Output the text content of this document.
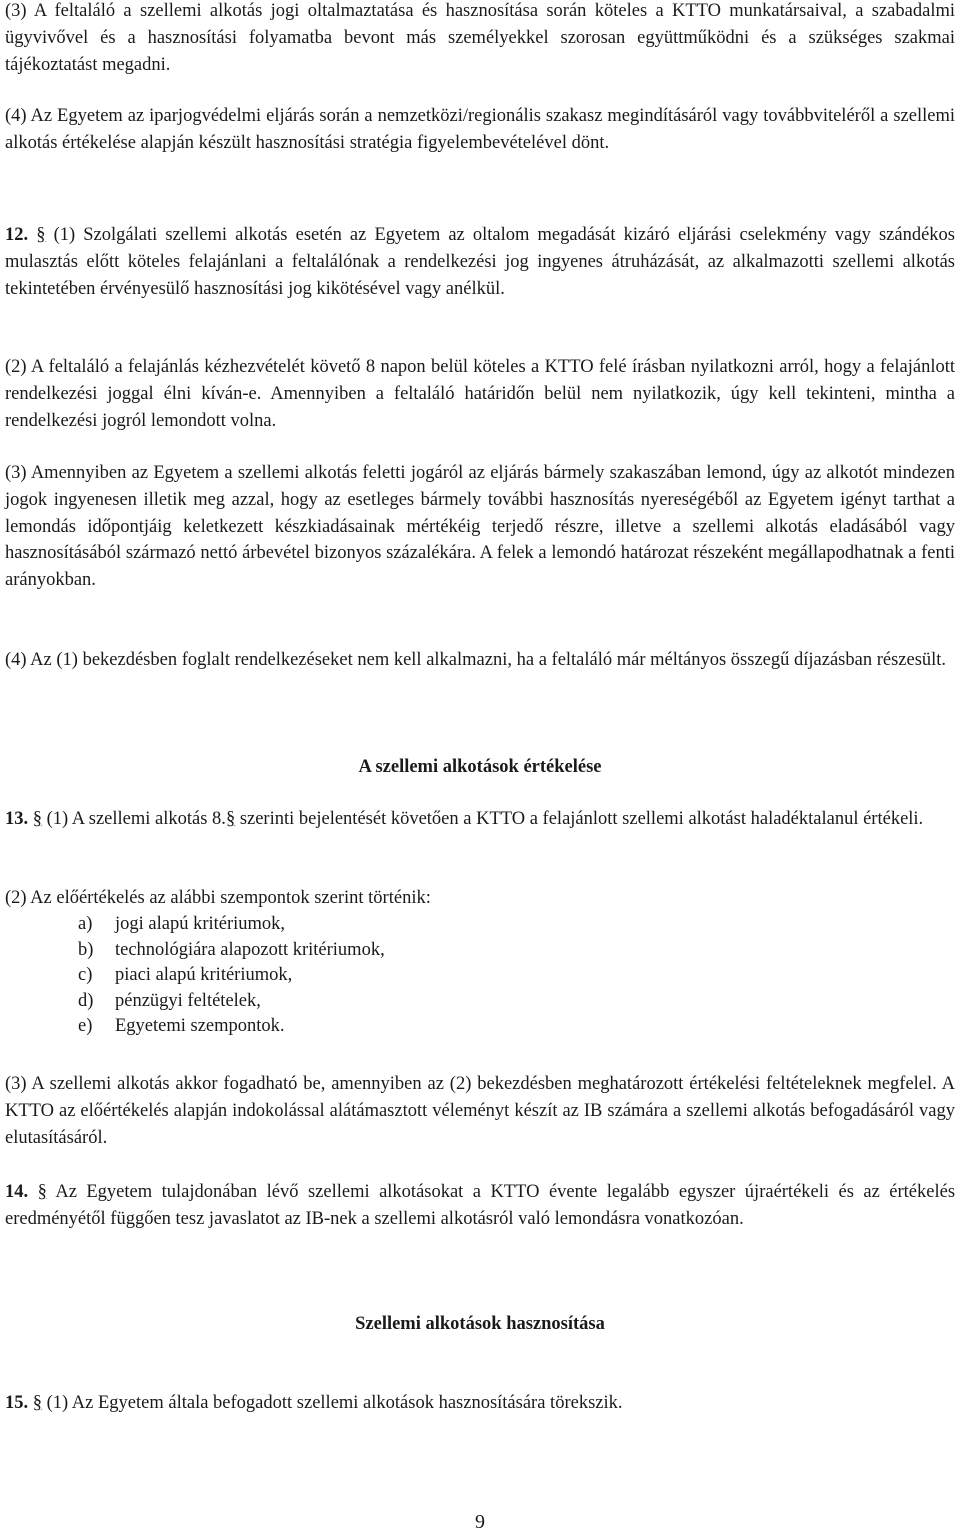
(3) A feltaláló a szellemi alkotás jogi oltalmaztatása és hasznosítása során köteles a KTTO munkatársaival, a szabadalmi ügyvivővel és a hasznosítási folyamatba bevont más személyekkel szorosan együttműködni és a szükséges szakmai tájékoztatást megadni.

(4) Az Egyetem az iparjogvédelmi eljárás során a nemzetközi/regionális szakasz megindításáról vagy továbbviteléről a szellemi alkotás értékelése alapján készült hasznosítási stratégia figyelembevételével dönt.

12. § (1) Szolgálati szellemi alkotás esetén az Egyetem az oltalom megadását kizáró eljárási cselekmény vagy szándékos mulasztás előtt köteles felajánlani a feltalálónak a rendelkezési jog ingyenes átruházását, az alkalmazotti szellemi alkotás tekintetében érvényesülő hasznosítási jog kikötésével vagy anélkül.

(2) A feltaláló a felajánlás kézhezvételét követő 8 napon belül köteles a KTTO felé írásban nyilatkozni arról, hogy a felajánlott rendelkezési joggal élni kíván-e. Amennyiben a feltaláló határidőn belül nem nyilatkozik, úgy kell tekinteni, mintha a rendelkezési jogról lemondott volna.

(3) Amennyiben az Egyetem a szellemi alkotás feletti jogáról az eljárás bármely szakaszában lemond, úgy az alkotót mindezen jogok ingyenesen illetik meg azzal, hogy az esetleges bármely további hasznosítás nyereségéből az Egyetem igényt tarthat a lemondás időpontjáig keletkezett készkiadásainak mértékéig terjedő részre, illetve a szellemi alkotás eladásából vagy hasznosításából származó nettó árbevétel bizonyos százalékára. A felek a lemondó határozat részeként megállapodhatnak a fenti arányokban.

(4) Az (1) bekezdésben foglalt rendelkezéseket nem kell alkalmazni, ha a feltaláló már méltányos összegű díjazásban részesült.

A szellemi alkotások értékelése

13. § (1) A szellemi alkotás 8.§ szerinti bejelentését követően a KTTO a felajánlott szellemi alkotást haladéktalanul értékeli.

(2) Az előértékelés az alábbi szempontok szerint történik:

a) jogi alapú kritériumok,
b) technológiára alapozott kritériumok,
c) piaci alapú kritériumok,
d) pénzügyi feltételek,
e) Egyetemi szempontok.

(3) A szellemi alkotás akkor fogadható be, amennyiben az (2) bekezdésben meghatározott értékelési feltételeknek megfelel. A KTTO az előértékelés alapján indokolással alátámasztott véleményt készít az IB számára a szellemi alkotás befogadásáról vagy elutasításáról.

14. § Az Egyetem tulajdonában lévő szellemi alkotásokat a KTTO évente legalább egyszer újraértékeli és az értékelés eredményétől függően tesz javaslatot az IB-nek a szellemi alkotásról való lemondásra vonatkozóan.

Szellemi alkotások hasznosítása

15. § (1) Az Egyetem általa befogadott szellemi alkotások hasznosítására törekszik.

9
